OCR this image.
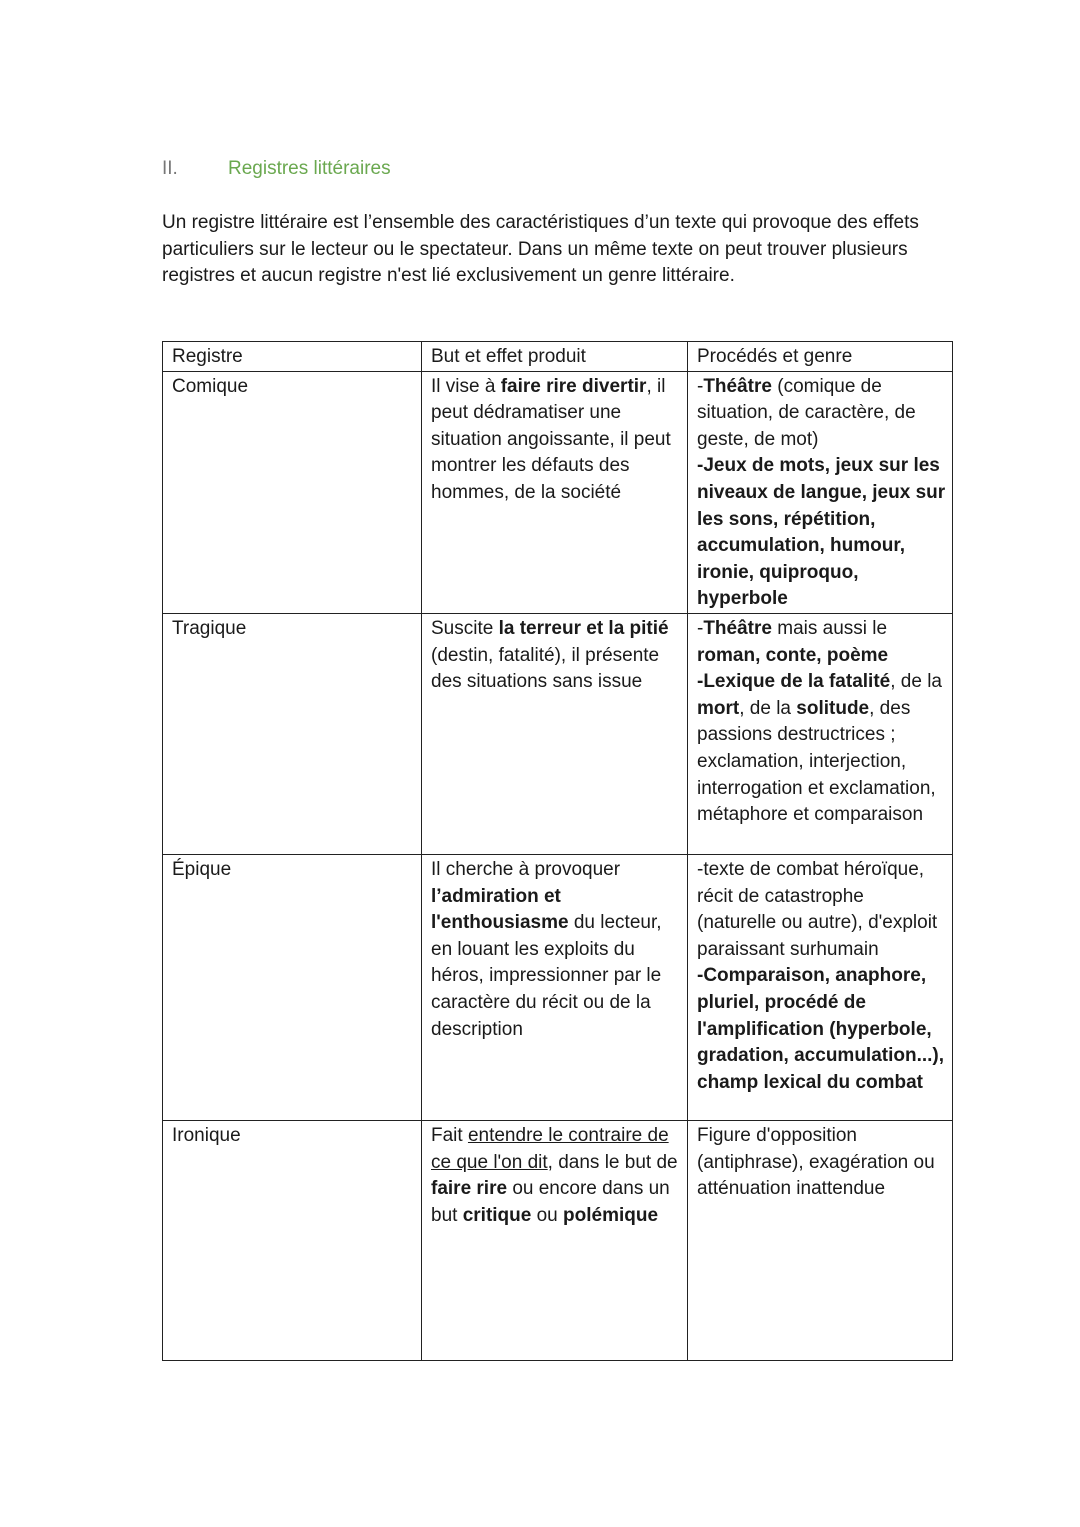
II.	Registres littéraires
Un registre littéraire est l’ensemble des caractéristiques d’un texte qui provoque des effets particuliers sur le lecteur ou le spectateur. Dans un même texte on peut trouver plusieurs registres et aucun registre n'est lié exclusivement un genre littéraire.
Registre	But et effet produit	Procédés et genre
Comique	Il vise à faire rire divertir, il peut dédramatiser une situation angoissante, il peut montrer les défauts des hommes, de la société	-Théâtre (comique de situation, de caractère, de geste, de mot)
-Jeux de mots, jeux sur les niveaux de langue, jeux sur les sons, répétition, accumulation, humour, ironie, quiproquo, hyperbole
Tragique	Suscite la terreur et la pitié (destin, fatalité), il présente des situations sans issue	-Théâtre mais aussi le roman, conte, poème
-Lexique de la fatalité, de la mort, de la solitude, des passions destructrices ; exclamation, interjection, interrogation et exclamation, métaphore et comparaison
Épique	Il cherche à provoquer l’admiration et l'enthousiasme du lecteur, en louant les exploits du héros, impressionner par le caractère du récit ou de la description	-texte de combat héroïque, récit de catastrophe (naturelle ou autre), d'exploit paraissant surhumain
-Comparaison, anaphore, pluriel, procédé de l'amplification (hyperbole, gradation, accumulation...), champ lexical du combat
Ironique	Fait entendre le contraire de ce que l'on dit, dans le but de faire rire ou encore dans un but critique ou polémique	Figure d'opposition (antiphrase), exagération ou atténuation inattendue
